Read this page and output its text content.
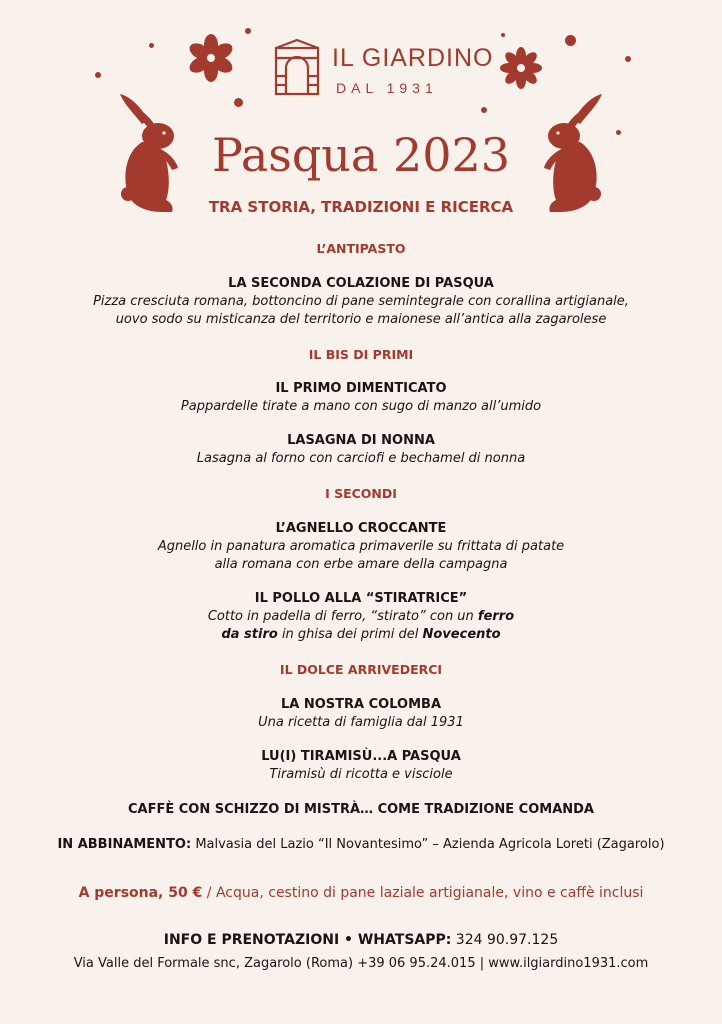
IL GIARDINO
DAL 1931
Pasqua 2023
TRA STORIA, TRADIZIONI E RICERCA
L’ANTIPASTO
LA SECONDA COLAZIONE DI PASQUA
Pizza cresciuta romana, bottoncino di pane semintegrale con corallina artigianale,
uovo sodo su misticanza del territorio e maionese all’antica alla zagarolese
IL BIS DI PRIMI
IL PRIMO DIMENTICATO
Pappardelle tirate a mano con sugo di manzo all’umido
LASAGNA DI NONNA
Lasagna al forno con carciofi e bechamel di nonna
I SECONDI
L’AGNELLO CROCCANTE
Agnello in panatura aromatica primaverile su frittata di patate
alla romana con erbe amare della campagna
IL POLLO ALLA “STIRATRICE”
Cotto in padella di ferro, “stirato” con un ferro
da stiro in ghisa dei primi del Novecento
IL DOLCE ARRIVEDERCI
LA NOSTRA COLOMBA
Una ricetta di famiglia dal 1931
LU(I) TIRAMISÙ...A PASQUA
Tiramisù di ricotta e visciole
CAFFÈ CON SCHIZZO DI MISTRÀ… COME TRADIZIONE COMANDA
IN ABBINAMENTO: Malvasia del Lazio “Il Novantesimo” – Azienda Agricola Loreti (Zagarolo)
A persona, 50 € / Acqua, cestino di pane laziale artigianale, vino e caffè inclusi
INFO E PRENOTAZIONI • WHATSAPP: 324 90.97.125
Via Valle del Formale snc, Zagarolo (Roma) +39 06 95.24.015 | www.ilgiardino1931.com
